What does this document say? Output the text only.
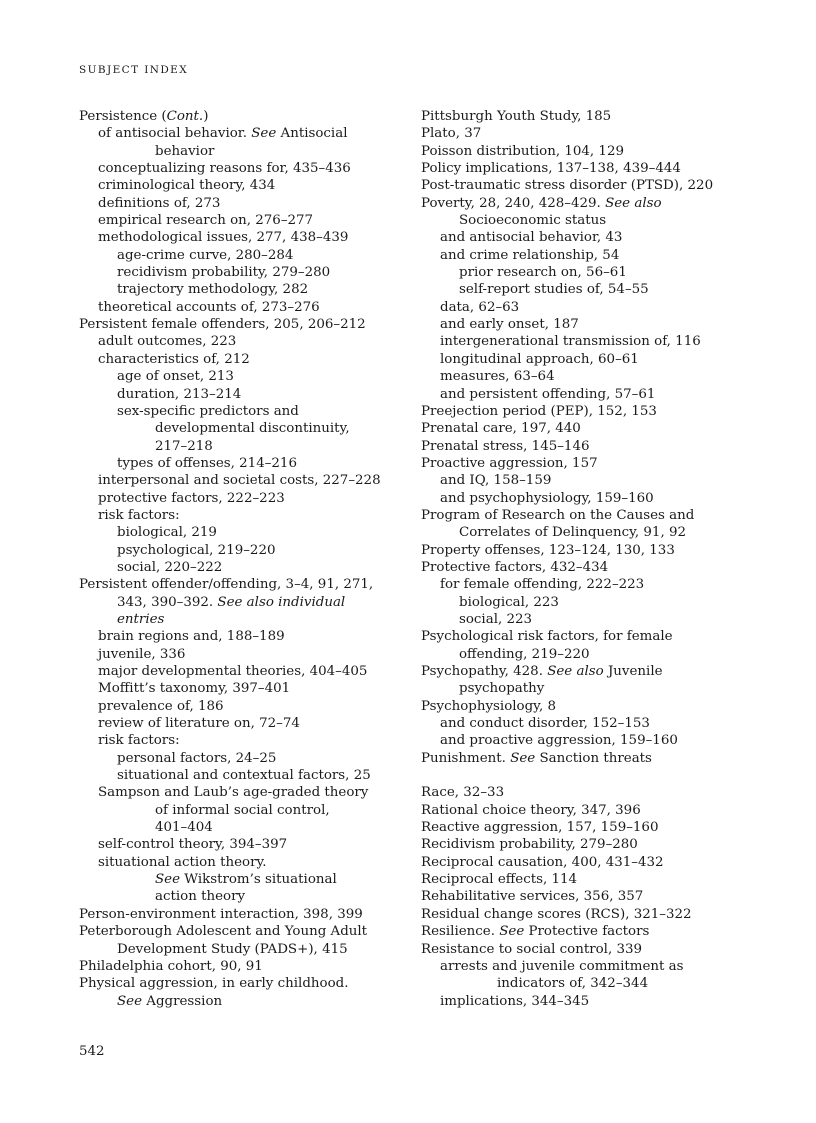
SUBJECT INDEX
Persistence (Cont.)
of antisocial behavior. See Antisocial
behavior
conceptualizing reasons for, 435–436
criminological theory, 434
definitions of, 273
empirical research on, 276–277
methodological issues, 277, 438–439
age-crime curve, 280–284
recidivism probability, 279–280
trajectory methodology, 282
theoretical accounts of, 273–276
Persistent female offenders, 205, 206–212
adult outcomes, 223
characteristics of, 212
age of onset, 213
duration, 213–214
sex-specific predictors and
developmental discontinuity,
217–218
types of offenses, 214–216
interpersonal and societal costs, 227–228
protective factors, 222–223
risk factors:
biological, 219
psychological, 219–220
social, 220–222
Persistent offender/offending, 3–4, 91, 271,
343, 390–392. See also individual
entries
brain regions and, 188–189
juvenile, 336
major developmental theories, 404–405
Moffitt’s taxonomy, 397–401
prevalence of, 186
review of literature on, 72–74
risk factors:
personal factors, 24–25
situational and contextual factors, 25
Sampson and Laub’s age-graded theory
of informal social control,
401–404
self-control theory, 394–397
situational action theory.
See Wikstrom’s situational
action theory
Person-environment interaction, 398, 399
Peterborough Adolescent and Young Adult
Development Study (PADS+), 415
Philadelphia cohort, 90, 91
Physical aggression, in early childhood.
See Aggression
Pittsburgh Youth Study, 185
Plato, 37
Poisson distribution, 104, 129
Policy implications, 137–138, 439–444
Post-traumatic stress disorder (PTSD), 220
Poverty, 28, 240, 428–429. See also
Socioeconomic status
and antisocial behavior, 43
and crime relationship, 54
prior research on, 56–61
self-report studies of, 54–55
data, 62–63
and early onset, 187
intergenerational transmission of, 116
longitudinal approach, 60–61
measures, 63–64
and persistent offending, 57–61
Preejection period (PEP), 152, 153
Prenatal care, 197, 440
Prenatal stress, 145–146
Proactive aggression, 157
and IQ, 158–159
and psychophysiology, 159–160
Program of Research on the Causes and
Correlates of Delinquency, 91, 92
Property offenses, 123–124, 130, 133
Protective factors, 432–434
for female offending, 222–223
biological, 223
social, 223
Psychological risk factors, for female
offending, 219–220
Psychopathy, 428. See also Juvenile
psychopathy
Psychophysiology, 8
and conduct disorder, 152–153
and proactive aggression, 159–160
Punishment. See Sanction threats
Race, 32–33
Rational choice theory, 347, 396
Reactive aggression, 157, 159–160
Recidivism probability, 279–280
Reciprocal causation, 400, 431–432
Reciprocal effects, 114
Rehabilitative services, 356, 357
Residual change scores (RCS), 321–322
Resilience. See Protective factors
Resistance to social control, 339
arrests and juvenile commitment as
indicators of, 342–344
implications, 344–345
542
